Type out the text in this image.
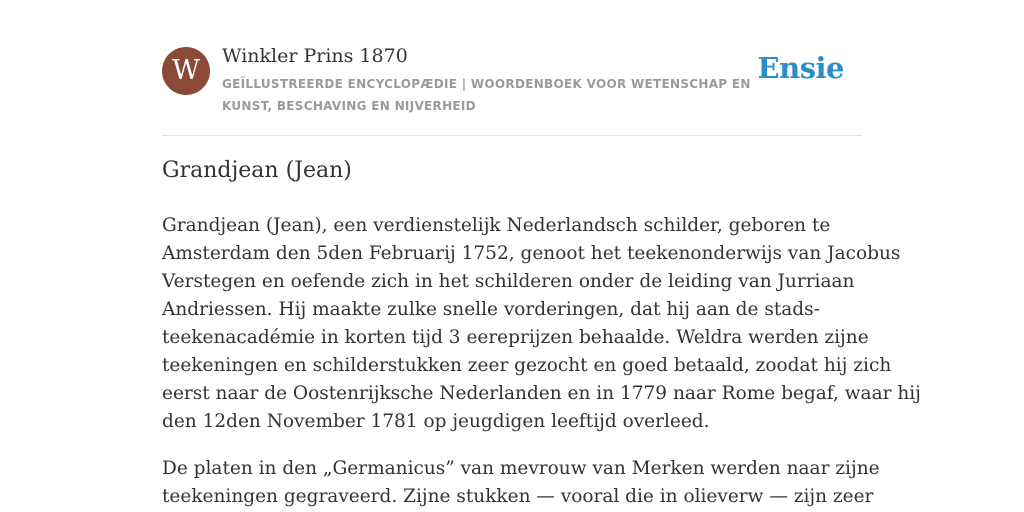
W	Winkler Prins 1870
GEÏLLUSTREERDE ENCYCLOPÆDIE | WOORDENBOEK VOOR WETENSCHAP EN KUNST, BESCHAVING EN NIJVERHEID
Ensie
Grandjean (Jean)

Grandjean (Jean), een verdienstelijk Nederlandsch schilder, geboren te
Amsterdam den 5den Februarij 1752, genoot het teekenonderwijs van Jacobus
Verstegen en oefende zich in het schilderen onder de leiding van Jurriaan
Andriessen. Hij maakte zulke snelle vorderingen, dat hij aan de stads-
teekenacadémie in korten tijd 3 eereprijzen behaalde. Weldra werden zijne
teekeningen en schilderstukken zeer gezocht en goed betaald, zoodat hij zich
eerst naar de Oostenrijksche Nederlanden en in 1779 naar Rome begaf, waar hij
den 12den November 1781 op jeugdigen leeftijd overleed.

De platen in den „Germanicus” van mevrouw van Merken werden naar zijne
teekeningen gegraveerd. Zijne stukken — vooral die in olieverw — zijn zeer
